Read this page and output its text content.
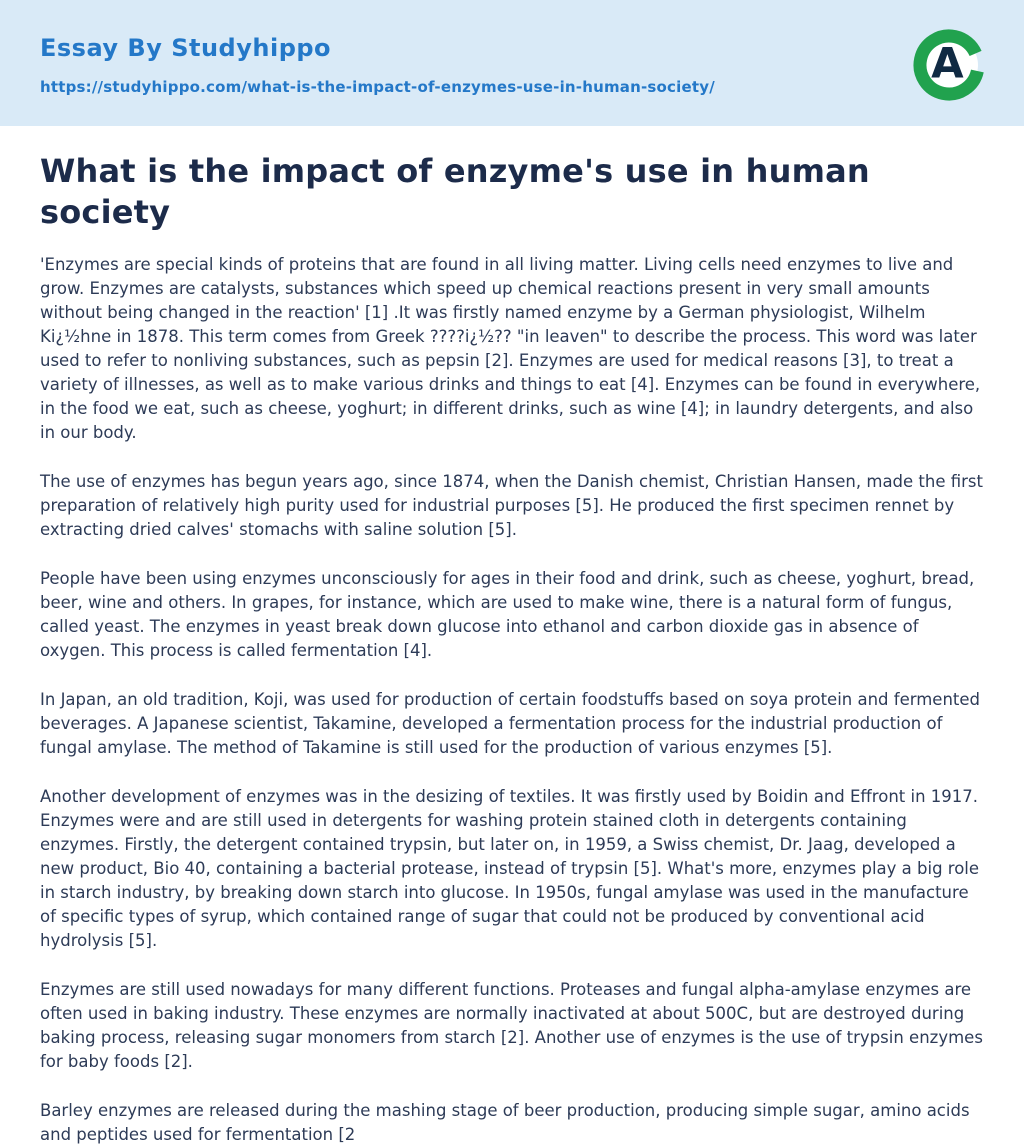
Essay By Studyhippo
https://studyhippo.com/what-is-the-impact-of-enzymes-use-in-human-society/	A
What is the impact of enzyme's use in human society

'Enzymes are special kinds of proteins that are found in all living matter. Living cells need enzymes to live and grow. Enzymes are catalysts, substances which speed up chemical reactions present in very small amounts without being changed in the reaction' [1] .It was firstly named enzyme by a German physiologist, Wilhelm Ki¿½hne in 1878. This term comes from Greek ????i¿½?? "in leaven" to describe the process. This word was later used to refer to nonliving substances, such as pepsin [2]. Enzymes are used for medical reasons [3], to treat a variety of illnesses, as well as to make various drinks and things to eat [4]. Enzymes can be found in everywhere, in the food we eat, such as cheese, yoghurt; in different drinks, such as wine [4]; in laundry detergents, and also in our body.

The use of enzymes has begun years ago, since 1874, when the Danish chemist, Christian Hansen, made the first preparation of relatively high purity used for industrial purposes [5]. He produced the first specimen rennet by extracting dried calves' stomachs with saline solution [5].

People have been using enzymes unconsciously for ages in their food and drink, such as cheese, yoghurt, bread, beer, wine and others. In grapes, for instance, which are used to make wine, there is a natural form of fungus, called yeast. The enzymes in yeast break down glucose into ethanol and carbon dioxide gas in absence of oxygen. This process is called fermentation [4].

In Japan, an old tradition, Koji, was used for production of certain foodstuffs based on soya protein and fermented beverages. A Japanese scientist, Takamine, developed a fermentation process for the industrial production of fungal amylase. The method of Takamine is still used for the production of various enzymes [5].

Another development of enzymes was in the desizing of textiles. It was firstly used by Boidin and Effront in 1917. Enzymes were and are still used in detergents for washing protein stained cloth in detergents containing enzymes. Firstly, the detergent contained trypsin, but later on, in 1959, a Swiss chemist, Dr. Jaag, developed a new product, Bio 40, containing a bacterial protease, instead of trypsin [5]. What's more, enzymes play a big role in starch industry, by breaking down starch into glucose. In 1950s, fungal amylase was used in the manufacture of specific types of syrup, which contained range of sugar that could not be produced by conventional acid hydrolysis [5].

Enzymes are still used nowadays for many different functions. Proteases and fungal alpha-amylase enzymes are often used in baking industry. These enzymes are normally inactivated at about 500C, but are destroyed during baking process, releasing sugar monomers from starch [2]. Another use of enzymes is the use of trypsin enzymes for baby foods [2].

Barley enzymes are released during the mashing stage of beer production, producing simple sugar, amino acids and peptides used for fermentation [2
